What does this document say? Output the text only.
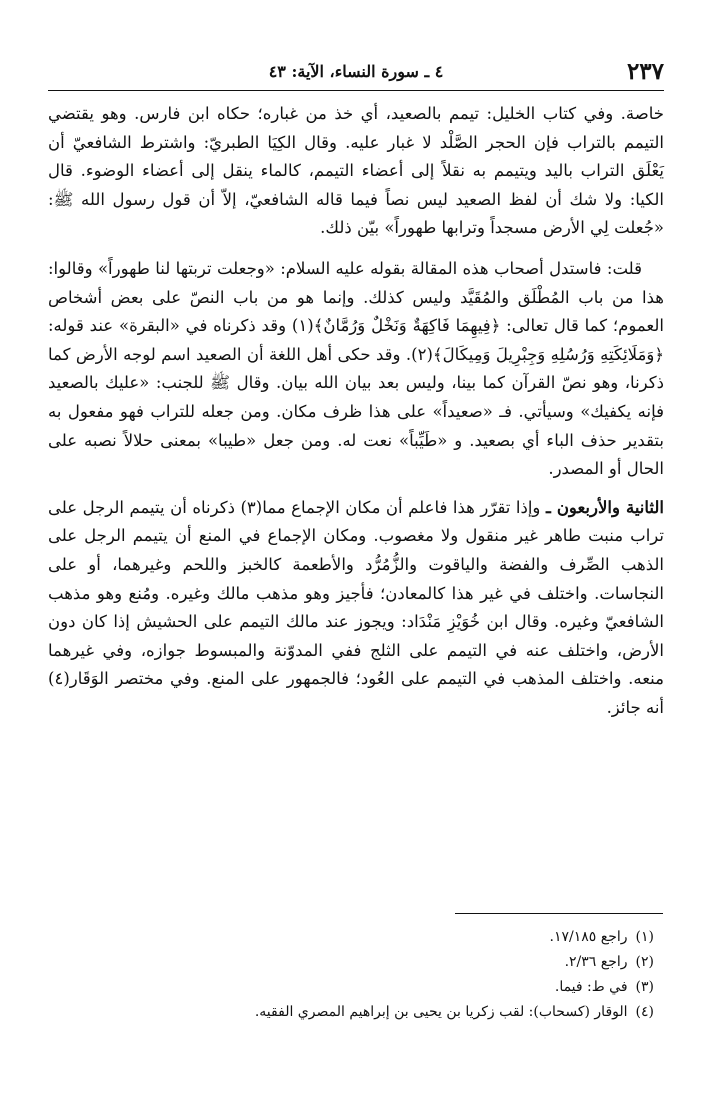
٢٣٧
٤ ـ سورة النساء، الآية: ٤٣

خاصة. وفي كتاب الخليل: تيمم بالصعيد، أي خذ من غباره؛ حكاه ابن فارس. وهو يقتضي التيمم بالتراب فإن الحجر الصَّلْد لا غبار عليه. وقال الكِيَا الطبريّ: واشترط الشافعيّ أن يَعْلَق التراب باليد ويتيمم به نقلاً إلى أعضاء التيمم، كالماء ينقل إلى أعضاء الوضوء. قال الكيا: ولا شك أن لفظ الصعيد ليس نصاً فيما قاله الشافعيّ، إلاّ أن قول رسول الله ﷺ: «جُعلت لِي الأرض مسجداً وترابها طهوراً» بيّن ذلك.

قلت: فاستدل أصحاب هذه المقالة بقوله عليه السلام: «وجعلت تربتها لنا طهوراً» وقالوا: هذا من باب المُطْلَق والمُقَيَّد وليس كذلك. وإنما هو من باب النصّ على بعض أشخاص العموم؛ كما قال تعالى: ﴿فِيهِمَا فَاكِهَةٌ وَنَخْلٌ وَرُمَّانٌ﴾(١) وقد ذكرناه في «البقرة» عند قوله: ﴿وَمَلَائِكَتِهِ وَرُسُلِهِ وَجِبْرِيلَ وَمِيكَالَ﴾(٢). وقد حكى أهل اللغة أن الصعيد اسم لوجه الأرض كما ذكرنا، وهو نصّ القرآن كما بينا، وليس بعد بيان الله بيان. وقال ﷺ للجنب: «عليك بالصعيد فإنه يكفيك» وسيأتي. فـ «صعيداً» على هذا ظرف مكان. ومن جعله للتراب فهو مفعول به بتقدير حذف الباء أي بصعيد. و «طَيِّباً» نعت له. ومن جعل «طيبا» بمعنى حلالاً نصبه على الحال أو المصدر.

الثانية والأربعون ـ وإذا تقرّر هذا فاعلم أن مكان الإجماع مما(٣) ذكرناه أن يتيمم الرجل على تراب منبت طاهر غير منقول ولا مغصوب. ومكان الإجماع في المنع أن يتيمم الرجل على الذهب الصِّرف والفضة والياقوت والزُّمُرُّد والأطعمة كالخبز واللحم وغيرهما، أو على النجاسات. واختلف في غير هذا كالمعادن؛ فأجيز وهو مذهب مالك وغيره. ومُنع وهو مذهب الشافعيّ وغيره. وقال ابن خُوَيْزِ مَنْدَاد: ويجوز عند مالك التيمم على الحشيش إذا كان دون الأرض، واختلف عنه في التيمم على الثلج ففي المدوّنة والمبسوط جوازه، وفي غيرهما منعه. واختلف المذهب في التيمم على العُود؛ فالجمهور على المنع. وفي مختصر الوَقَار(٤) أنه جائز.

(١)راجع ١٧/١٨٥.

(٢)راجع ٢/٣٦.

(٣)في ط: فيما.

(٤)الوقار (كسحاب): لقب زكريا بن يحيى بن إبراهيم المصري الفقيه.
